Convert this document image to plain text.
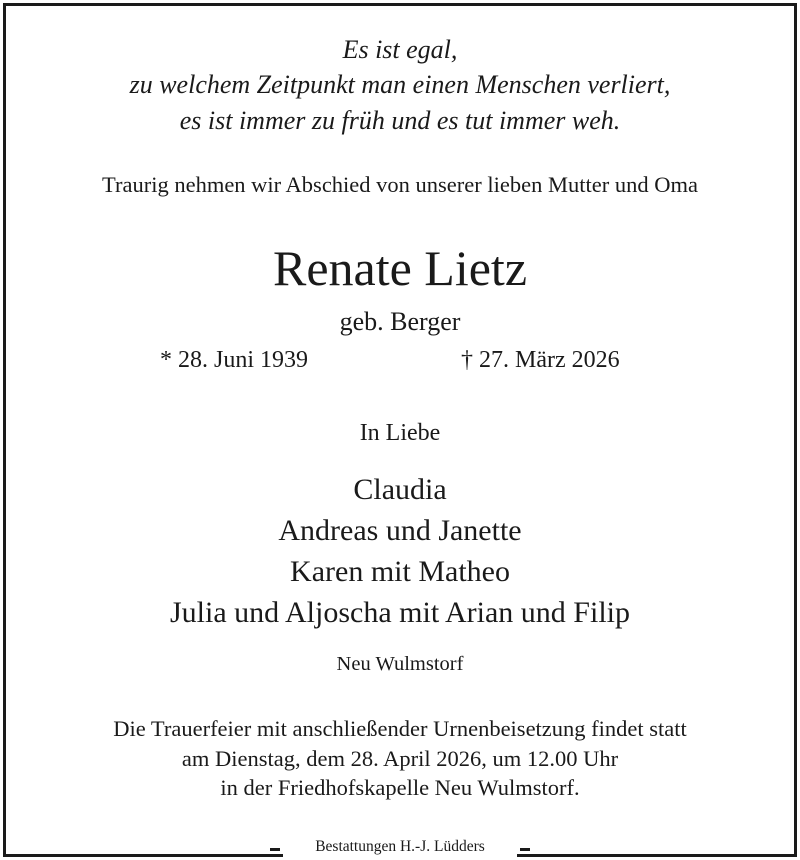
Es ist egal,
zu welchem Zeitpunkt man einen Menschen verliert,
es ist immer zu früh und es tut immer weh.
Traurig nehmen wir Abschied von unserer lieben Mutter und Oma
Renate Lietz
geb. Berger
* 28. Juni 1939	† 27. März 2026
In Liebe
Claudia
Andreas und Janette
Karen mit Matheo
Julia und Aljoscha mit Arian und Filip
Neu Wulmstorf
Die Trauerfeier mit anschließender Urnenbeisetzung findet statt
am Dienstag, dem 28. April 2026, um 12.00 Uhr
in der Friedhofskapelle Neu Wulmstorf.
Bestattungen H.-J. Lüdders
